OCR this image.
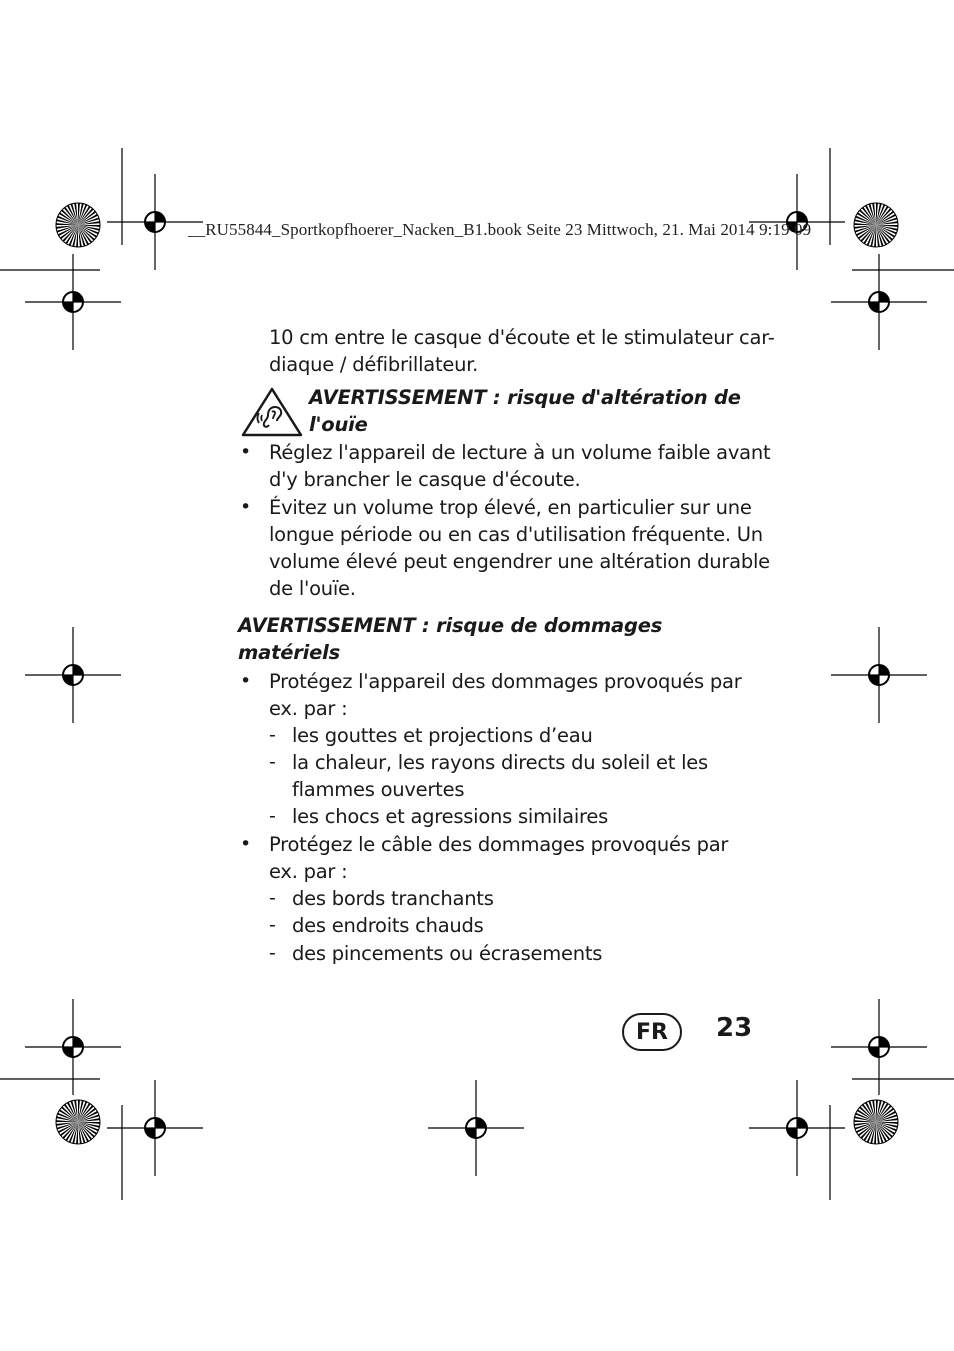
__RU55844_Sportkopfhoerer_Nacken_B1.book Seite 23 Mittwoch, 21. Mai 2014 9:19 09
10 cm entre le casque d'écoute et le stimulateur car-
diaque / défibrillateur.
AVERTISSEMENT : risque d'altération de
l'ouïe
• Réglez l'appareil de lecture à un volume faible avant
d'y brancher le casque d'écoute.
• Évitez un volume trop élevé, en particulier sur une
longue période ou en cas d'utilisation fréquente. Un
volume élevé peut engendrer une altération durable
de l'ouïe.
AVERTISSEMENT : risque de dommages
matériels
• Protégez l'appareil des dommages provoqués par
ex. par :
- les gouttes et projections d’eau
- la chaleur, les rayons directs du soleil et les
flammes ouvertes
- les chocs et agressions similaires
• Protégez le câble des dommages provoqués par
ex. par :
- des bords tranchants
- des endroits chauds
- des pincements ou écrasements
FR	23
